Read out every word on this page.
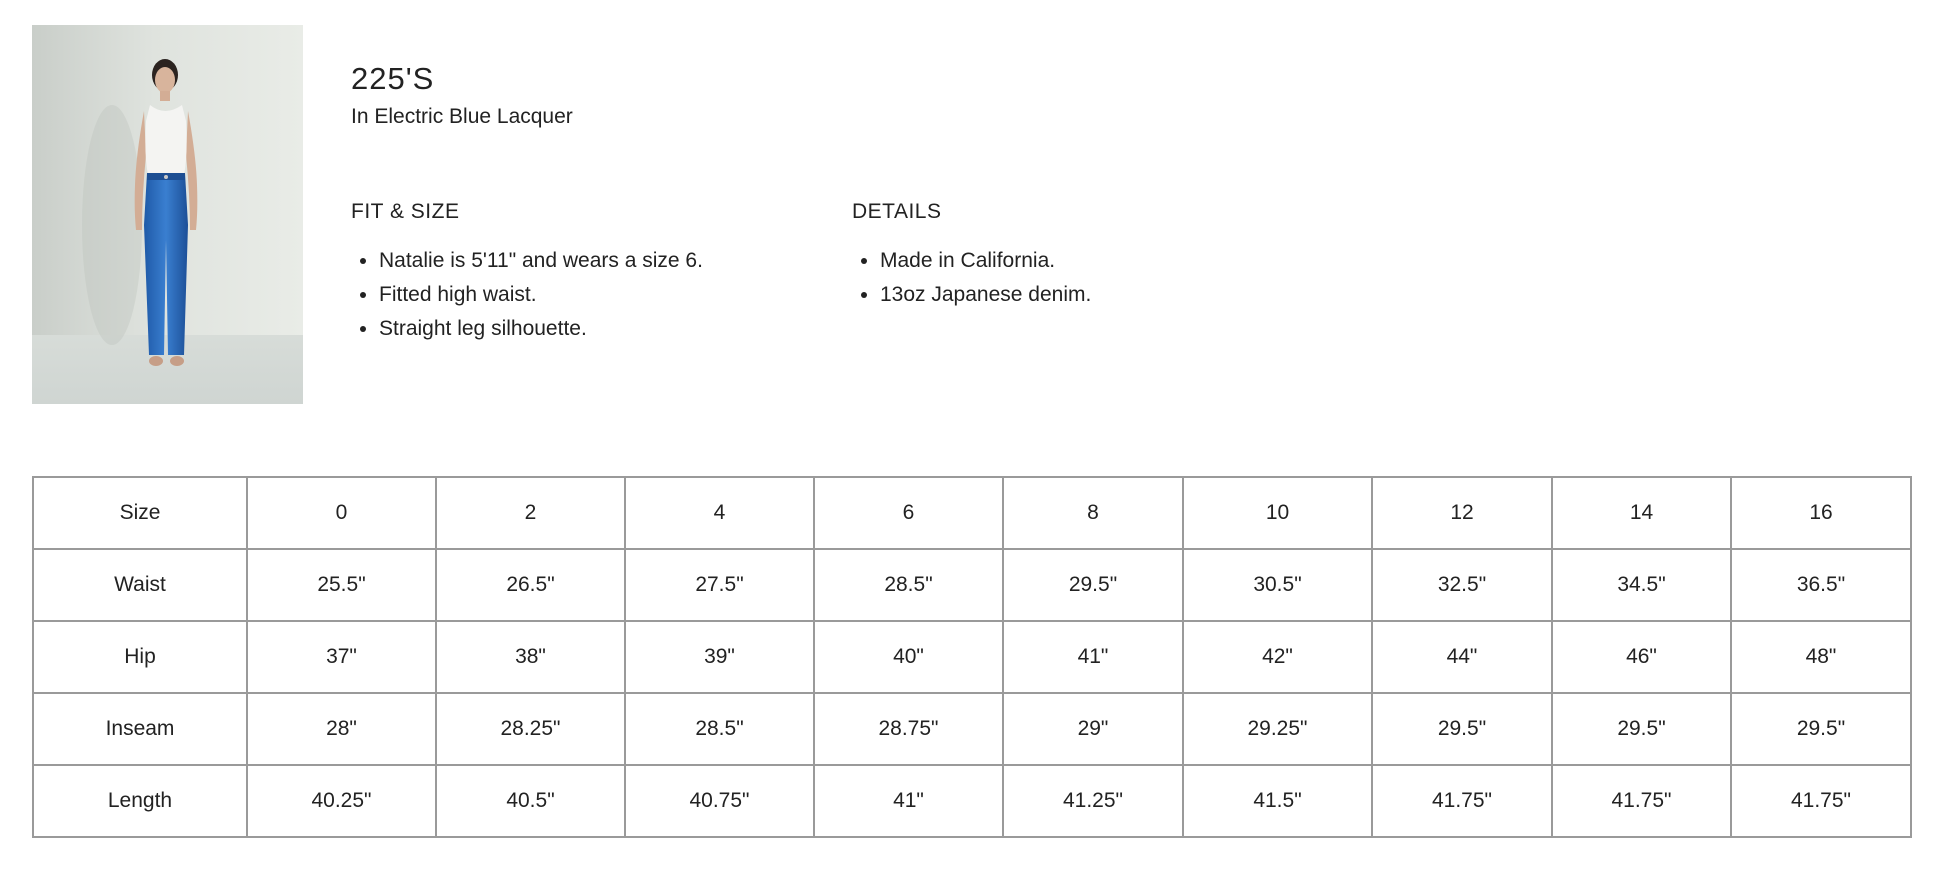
225'S
In Electric Blue Lacquer
FIT & SIZE
• Natalie is 5'11" and wears a size 6.
• Fitted high waist.
• Straight leg silhouette.
DETAILS
• Made in California.
• 13oz Japanese denim.
Size	0	2	4	6	8	10	12	14	16
Waist	25.5"	26.5"	27.5"	28.5"	29.5"	30.5"	32.5"	34.5"	36.5"
Hip	37"	38"	39"	40"	41"	42"	44"	46"	48"
Inseam	28"	28.25"	28.5"	28.75"	29"	29.25"	29.5"	29.5"	29.5"
Length	40.25"	40.5"	40.75"	41"	41.25"	41.5"	41.75"	41.75"	41.75"
